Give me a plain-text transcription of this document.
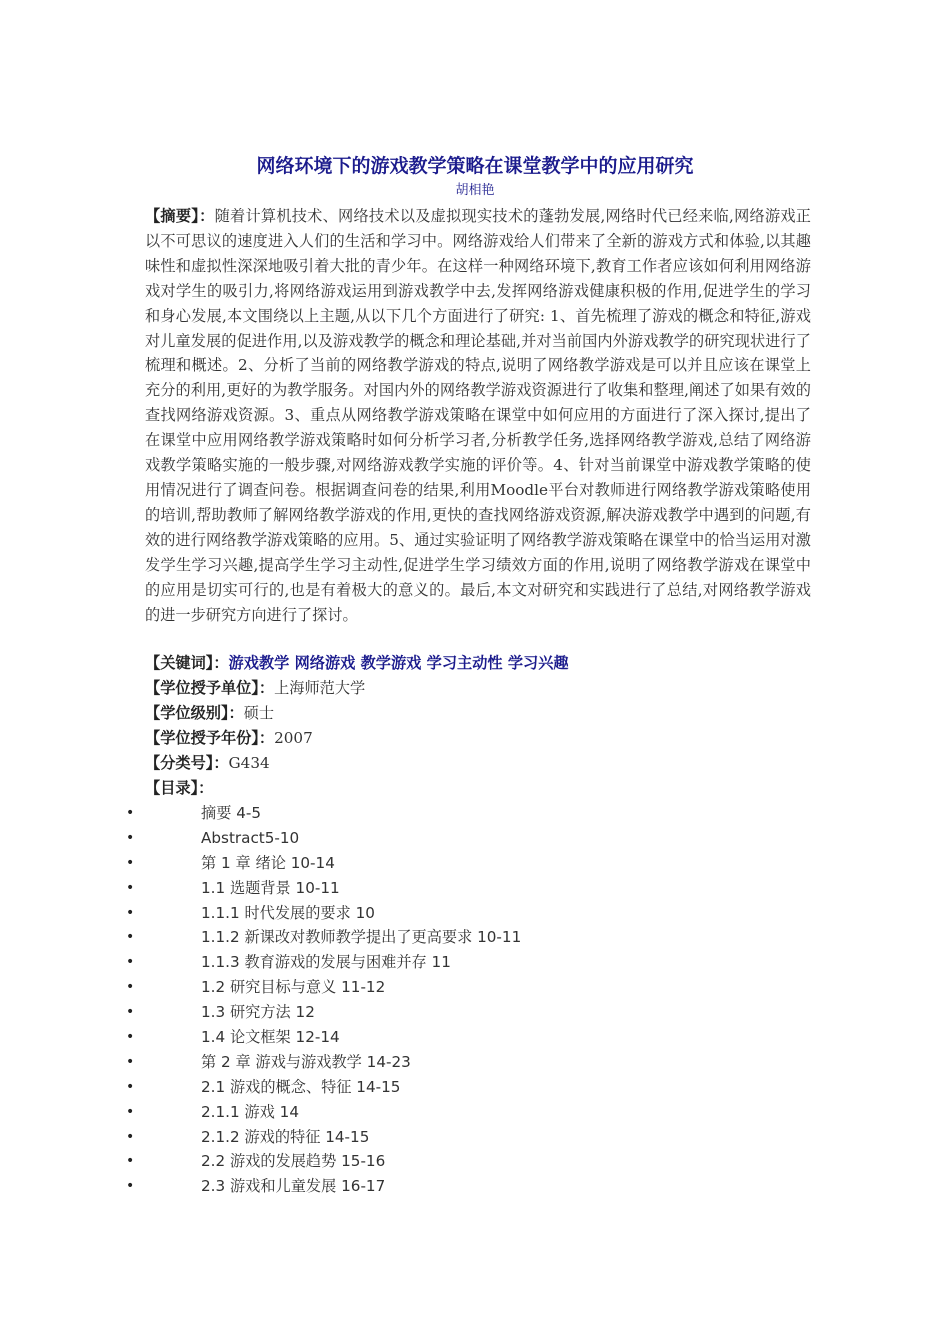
网络环境下的游戏教学策略在课堂教学中的应用研究
胡相艳

【摘要】：随着计算机技术、网络技术以及虚拟现实技术的蓬勃发展,网络时代已经来临,网络游戏正以不可思议的速度进入人们的生活和学习中。网络游戏给人们带来了全新的游戏方式和体验,以其趣味性和虚拟性深深地吸引着大批的青少年。在这样一种网络环境下,教育工作者应该如何利用网络游戏对学生的吸引力,将网络游戏运用到游戏教学中去,发挥网络游戏健康积极的作用,促进学生的学习和身心发展,本文围绕以上主题,从以下几个方面进行了研究: 1、首先梳理了游戏的概念和特征,游戏对儿童发展的促进作用,以及游戏教学的概念和理论基础,并对当前国内外游戏教学的研究现状进行了梳理和概述。2、分析了当前的网络教学游戏的特点,说明了网络教学游戏是可以并且应该在课堂上充分的利用,更好的为教学服务。对国内外的网络教学游戏资源进行了收集和整理,阐述了如果有效的查找网络游戏资源。3、重点从网络教学游戏策略在课堂中如何应用的方面进行了深入探讨,提出了在课堂中应用网络教学游戏策略时如何分析学习者,分析教学任务,选择网络教学游戏,总结了网络游戏教学策略实施的一般步骤,对网络游戏教学实施的评价等。4、针对当前课堂中游戏教学策略的使用情况进行了调查问卷。根据调查问卷的结果,利用Moodle平台对教师进行网络教学游戏策略使用的培训,帮助教师了解网络教学游戏的作用,更快的查找网络游戏资源,解决游戏教学中遇到的问题,有效的进行网络教学游戏策略的应用。5、通过实验证明了网络教学游戏策略在课堂中的恰当运用对激发学生学习兴趣,提高学生学习主动性,促进学生学习绩效方面的作用,说明了网络教学游戏在课堂中的应用是切实可行的,也是有着极大的意义的。最后,本文对研究和实践进行了总结,对网络教学游戏的进一步研究方向进行了探讨。

【关键词】：游戏教学 网络游戏 教学游戏 学习主动性 学习兴趣
【学位授予单位】：上海师范大学
【学位级别】：硕士
【学位授予年份】：2007
【分类号】：G434
【目录】：
•	摘要 4-5
•	Abstract5-10
•	第 1 章 绪论 10-14
•	1.1 选题背景 10-11
•	1.1.1 时代发展的要求 10
•	1.1.2 新课改对教师教学提出了更高要求 10-11
•	1.1.3 教育游戏的发展与困难并存 11
•	1.2 研究目标与意义 11-12
•	1.3 研究方法 12
•	1.4 论文框架 12-14
•	第 2 章 游戏与游戏教学 14-23
•	2.1 游戏的概念、特征 14-15
•	2.1.1 游戏 14
•	2.1.2 游戏的特征 14-15
•	2.2 游戏的发展趋势 15-16
•	2.3 游戏和儿童发展 16-17
